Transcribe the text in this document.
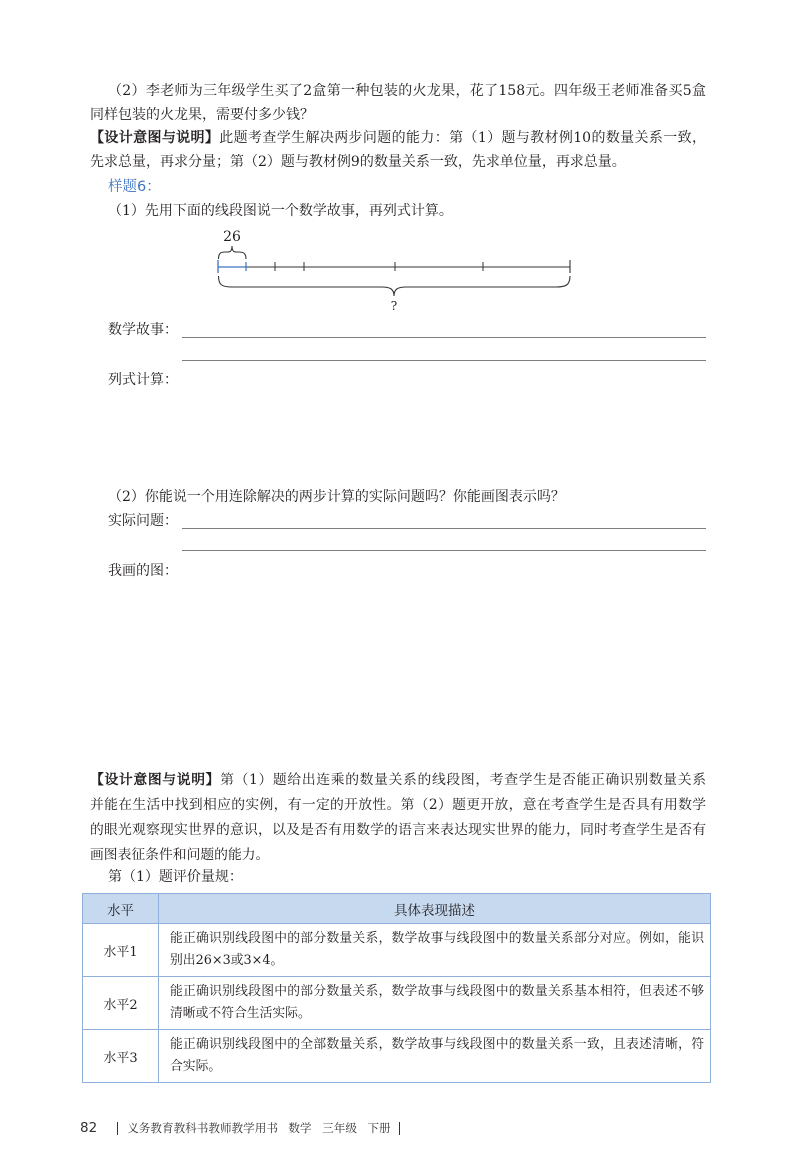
（2）李老师为三年级学生买了2盒第一种包装的火龙果，花了158元。四年级王老师准备买5盒
同样包装的火龙果，需要付多少钱？
【设计意图与说明】此题考查学生解决两步问题的能力：第（1）题与教材例10的数量关系一致，
先求总量，再求分量；第（2）题与教材例9的数量关系一致，先求单位量，再求总量。
样题6：
（1）先用下面的线段图说一个数学故事，再列式计算。
26
?
数学故事：
列式计算：
（2）你能说一个用连除解决的两步计算的实际问题吗？你能画图表示吗？
实际问题：
我画的图：
【设计意图与说明】第（1）题给出连乘的数量关系的线段图，考查学生是否能正确识别数量关系
并能在生活中找到相应的实例，有一定的开放性。第（2）题更开放，意在考查学生是否具有用数学
的眼光观察现实世界的意识，以及是否有用数学的语言来表达现实世界的能力，同时考查学生是否有
画图表征条件和问题的能力。
第（1）题评价量规：
水平	具体表现描述
水平1	能正确识别线段图中的部分数量关系，数学故事与线段图中的数量关系部分对应。例如，能识别出26×3或3×4。
水平2	能正确识别线段图中的部分数量关系，数学故事与线段图中的数量关系基本相符，但表述不够清晰或不符合生活实际。
水平3	能正确识别线段图中的全部数量关系，数学故事与线段图中的数量关系一致，且表述清晰，符合实际。
82	义务教育教科书教师教学用书 数学 三年级 下册
